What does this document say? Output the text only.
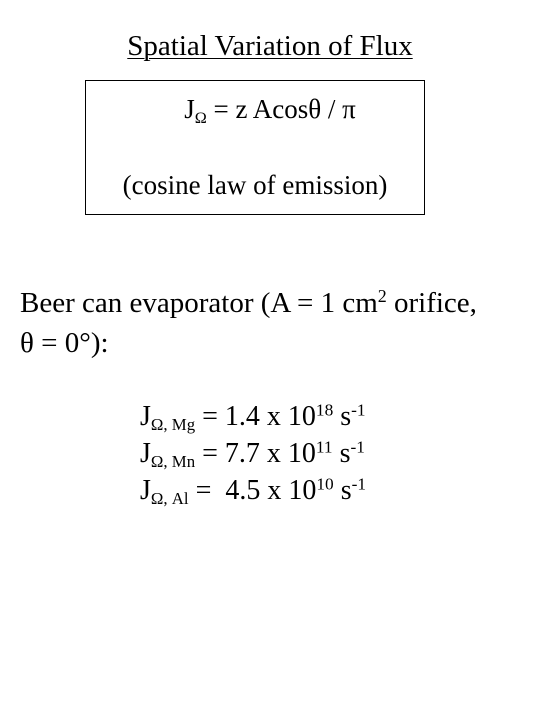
Spatial Variation of Flux
$J_\Omega = z$ Acosθ / π
(cosine law of emission)
Beer can evaporator (A = 1 $cm^2$ orifice,
θ = 0°):
$J_{\Omega, Mg} = 1.4$ x $10^{18}$ $s^{-1}$
$J_{\Omega, Mn} = 7.7$ x $10^{11}$ $s^{-1}$
$J_{\Omega, Al} = 4.5$ x $10^{10}$ $s^{-1}$
